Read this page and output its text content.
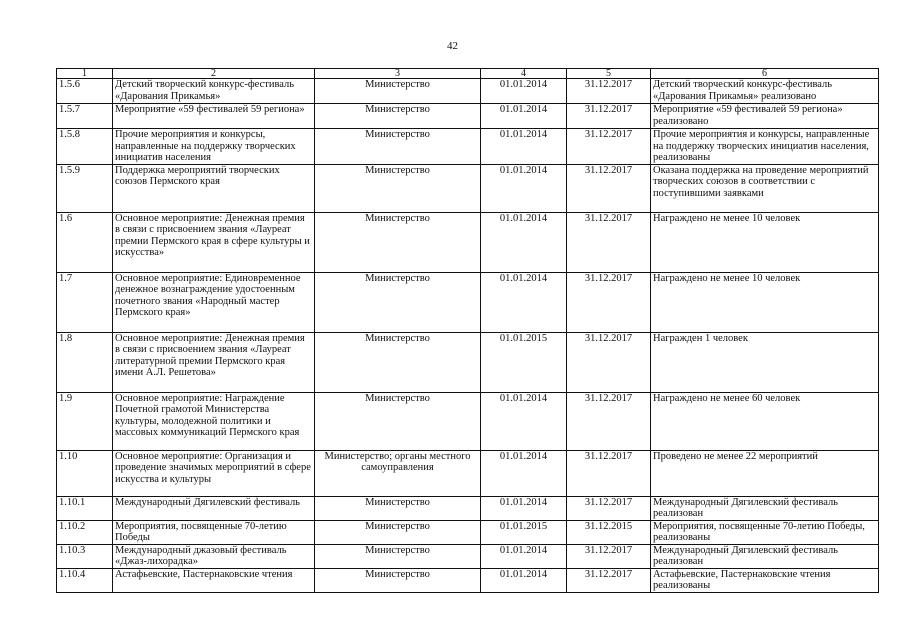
42
1	2	3	4	5	6
1.5.6	Детский творческий конкурс-фестиваль «Дарования Прикамья»	Министерство	01.01.2014	31.12.2017	Детский творческий конкурс-фестиваль «Дарования Прикамья» реализовано
1.5.7	Мероприятие «59 фестивалей 59 региона»	Министерство	01.01.2014	31.12.2017	Мероприятие «59 фестивалей 59 региона» реализовано
1.5.8	Прочие мероприятия и конкурсы, направленные на поддержку творческих инициатив населения	Министерство	01.01.2014	31.12.2017	Прочие мероприятия и конкурсы, направленные на поддержку творческих инициатив населения, реализованы
1.5.9	Поддержка мероприятий творческих союзов Пермского края	Министерство	01.01.2014	31.12.2017	Оказана поддержка на проведение мероприятий творческих союзов в соответствии с поступившими заявками
1.6	Основное мероприятие: Денежная премия в связи с присвоением звания «Лауреат премии Пермского края в сфере культуры и искусства»	Министерство	01.01.2014	31.12.2017	Награждено не менее 10 человек
1.7	Основное мероприятие: Единовременное денежное вознаграждение удостоенным почетного звания «Народный мастер Пермского края»	Министерство	01.01.2014	31.12.2017	Награждено не менее 10 человек
1.8	Основное мероприятие: Денежная премия в связи с присвоением звания «Лауреат литературной премии Пермского края имени А.Л. Решетова»	Министерство	01.01.2015	31.12.2017	Награжден 1 человек
1.9	Основное мероприятие: Награждение Почетной грамотой Министерства культуры, молодежной политики и массовых коммуникаций Пермского края	Министерство	01.01.2014	31.12.2017	Награждено не менее 60 человек
1.10	Основное мероприятие: Организация и проведение значимых мероприятий в сфере искусства и культуры	Министерство; органы местного самоуправления	01.01.2014	31.12.2017	Проведено не менее 22 мероприятий
1.10.1	Международный Дягилевский фестиваль	Министерство	01.01.2014	31.12.2017	Международный Дягилевский фестиваль реализован
1.10.2	Мероприятия, посвященные 70-летию Победы	Министерство	01.01.2015	31.12.2015	Мероприятия, посвященные 70-летию Победы, реализованы
1.10.3	Международный джазовый фестиваль «Джаз-лихорадка»	Министерство	01.01.2014	31.12.2017	Международный Дягилевский фестиваль реализован
1.10.4	Астафьевские, Пастернаковские чтения	Министерство	01.01.2014	31.12.2017	Астафьевские, Пастернаковские чтения реализованы
